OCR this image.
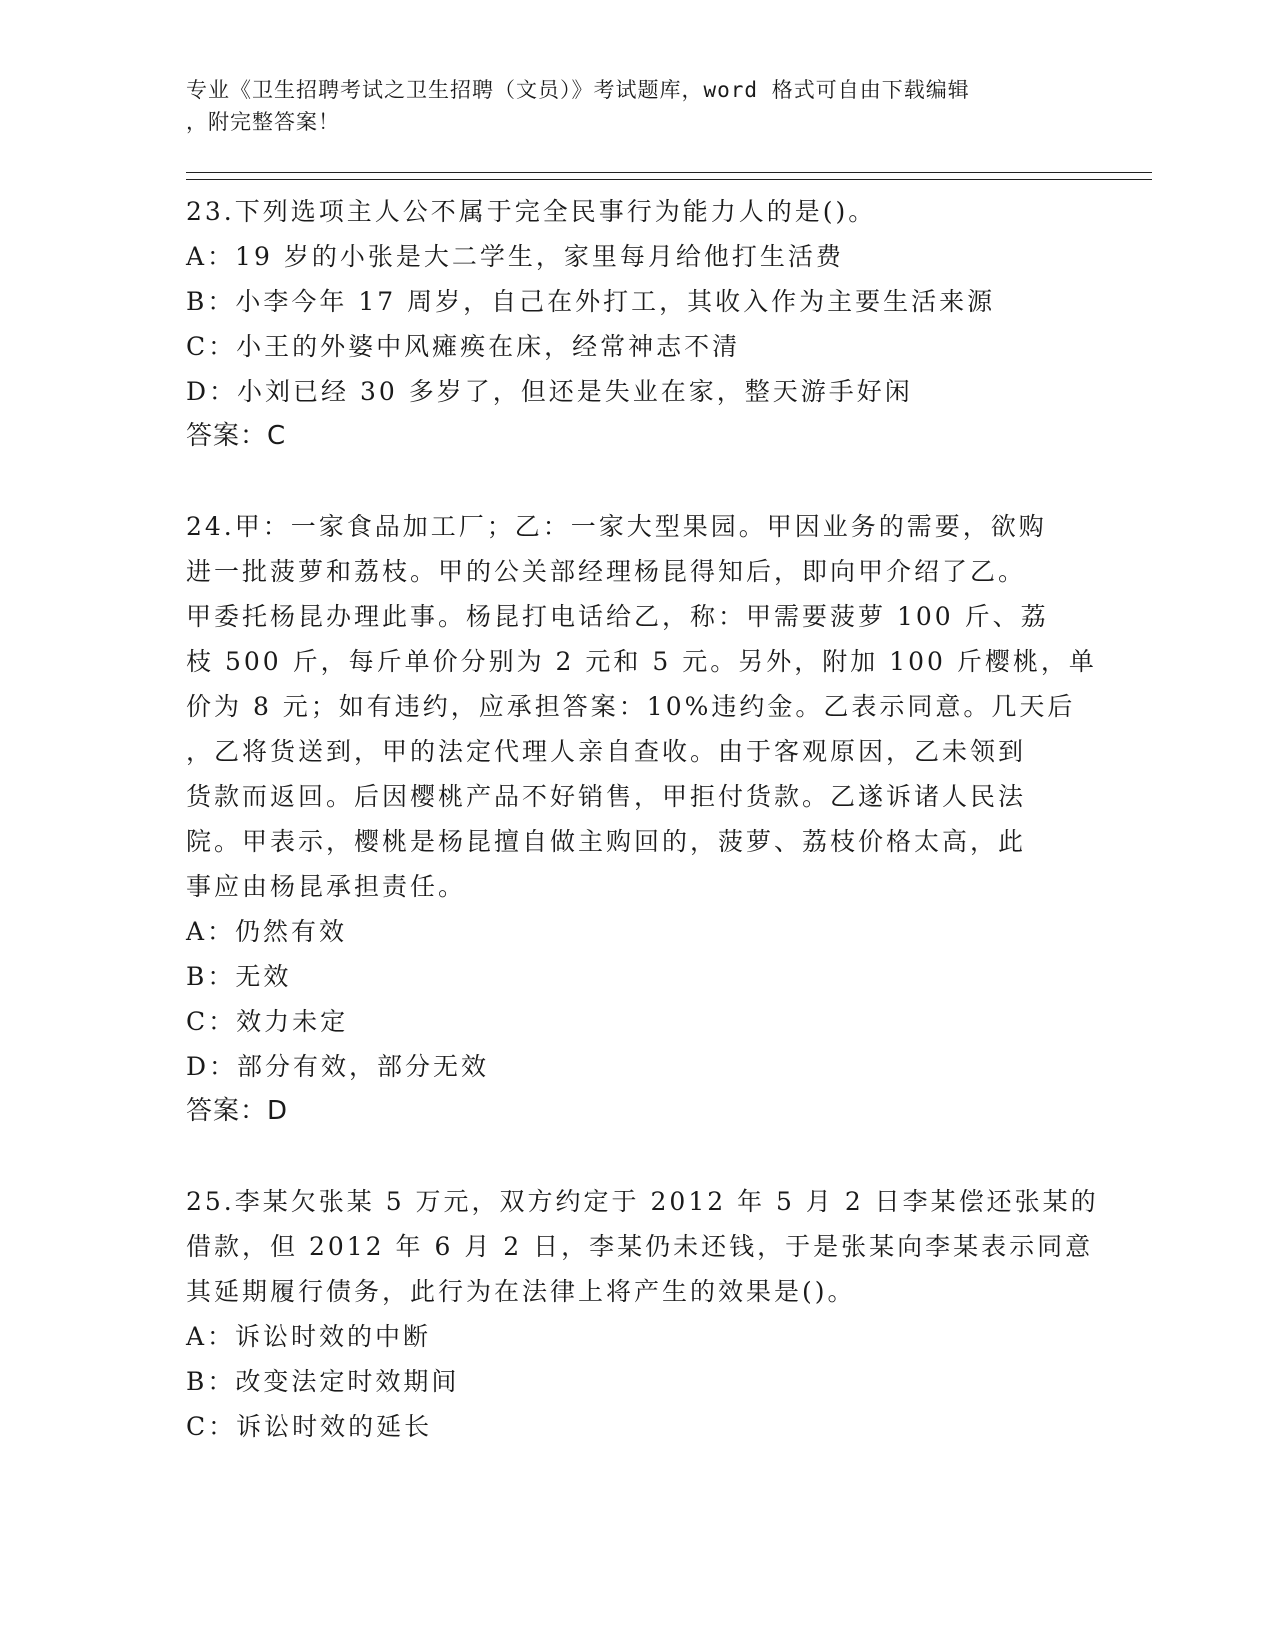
专业《卫生招聘考试之卫生招聘（文员）》考试题库，word 格式可自由下载编辑
，附完整答案！
23.下列选项主人公不属于完全民事行为能力人的是()。
A：19 岁的小张是大二学生，家里每月给他打生活费
B：小李今年 17 周岁，自己在外打工，其收入作为主要生活来源
C：小王的外婆中风瘫痪在床，经常神志不清
D：小刘已经 30 多岁了，但还是失业在家，整天游手好闲
答案：C
24.甲：一家食品加工厂；乙：一家大型果园。甲因业务的需要，欲购
进一批菠萝和荔枝。甲的公关部经理杨昆得知后，即向甲介绍了乙。
甲委托杨昆办理此事。杨昆打电话给乙，称：甲需要菠萝 100 斤、荔
枝 500 斤，每斤单价分别为 2 元和 5 元。另外，附加 100 斤樱桃，单
价为 8 元；如有违约，应承担答案：10%违约金。乙表示同意。几天后
，乙将货送到，甲的法定代理人亲自查收。由于客观原因，乙未领到
货款而返回。后因樱桃产品不好销售，甲拒付货款。乙遂诉诸人民法
院。甲表示，樱桃是杨昆擅自做主购回的，菠萝、荔枝价格太高，此
事应由杨昆承担责任。
A：仍然有效
B：无效
C：效力未定
D：部分有效，部分无效
答案：D
25.李某欠张某 5 万元，双方约定于 2012 年 5 月 2 日李某偿还张某的
借款，但 2012 年 6 月 2 日，李某仍未还钱，于是张某向李某表示同意
其延期履行债务，此行为在法律上将产生的效果是()。
A：诉讼时效的中断
B：改变法定时效期间
C：诉讼时效的延长
